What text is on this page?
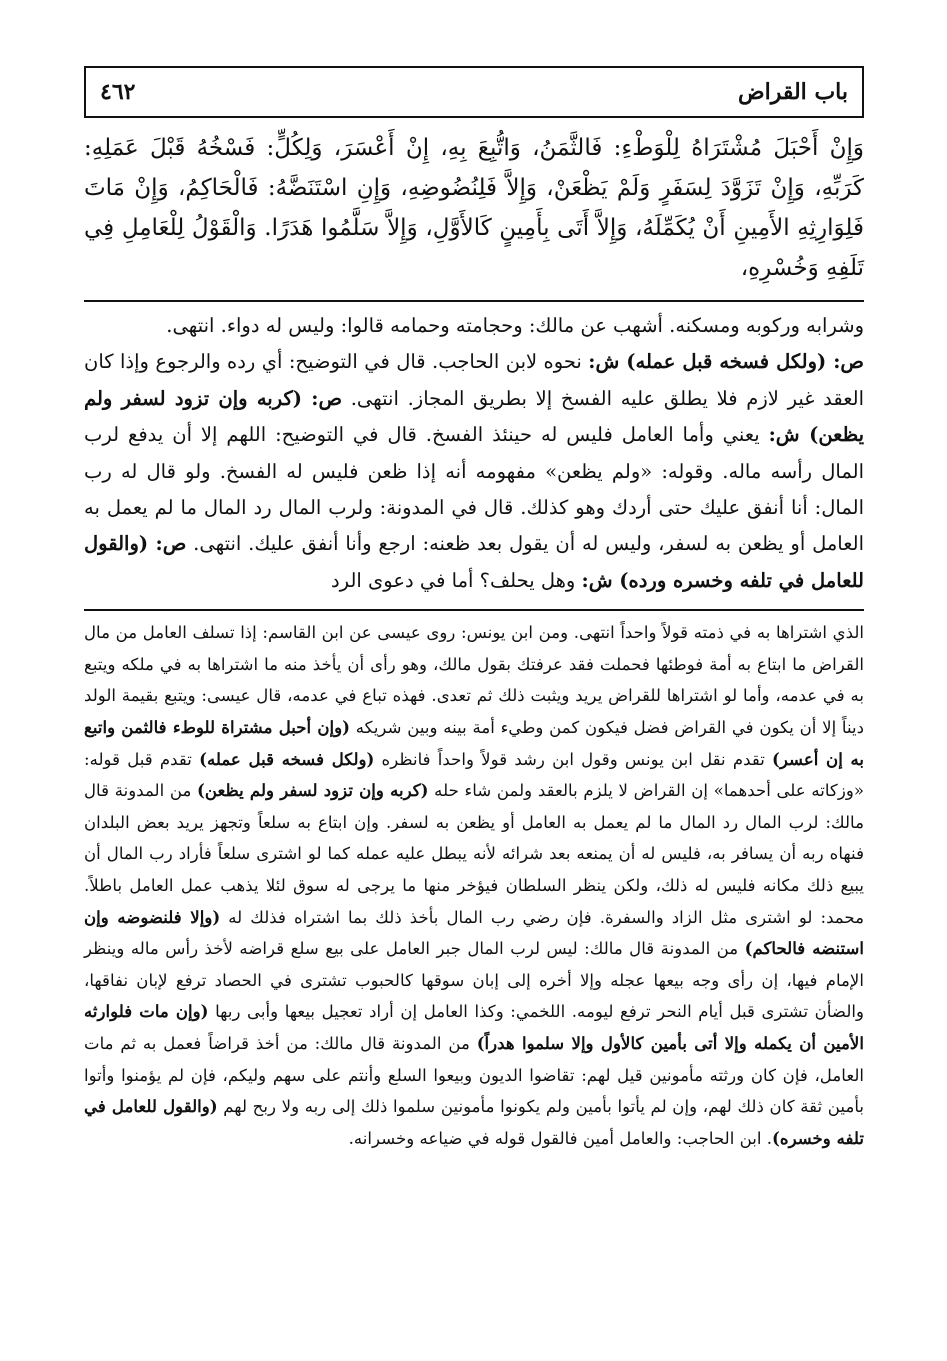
باب القراض
٤٦٢
وَإِنْ أَحْبَلَ مُشْتَرَاهُ لِلْوَطْءِ: فَالثَّمَنُ، وَاتُّبِعَ بِهِ، إِنْ أَعْسَرَ، وَلِكُلٍّ: فَسْخُهُ قَبْلَ عَمَلِهِ: كَرَبِّهِ، وَإِنْ تَزَوَّدَ لِسَفَرٍ وَلَمْ يَظْعَنْ، وَإِلاَّ فَلِنُضُوضِهِ، وَإِنِ اسْتَنَضَّهُ: فَالْحَاكِمُ، وَإِنْ مَاتَ فَلِوَارِثِهِ الأَمِينِ أَنْ يُكَمِّلَهُ، وَإِلاَّ أَتَى بِأَمِينٍ كَالأَوَّلِ، وَإِلاَّ سَلَّمُوا هَدَرًا. وَالْقَوْلُ لِلْعَامِلِ فِي تَلَفِهِ وَخُسْرِهِ،

وشرابه وركوبه ومسكنه. أشهب عن مالك: وحجامته وحمامه قالوا: وليس له دواء. انتهى.
ص: (ولكل فسخه قبل عمله) ش: نحوه لابن الحاجب. قال في التوضيح: أي رده والرجوع وإذا كان العقد غير لازم فلا يطلق عليه الفسخ إلا بطريق المجاز. انتهى. ص: (كربه وإن تزود لسفر ولم يظعن) ش: يعني وأما العامل فليس له حينئذ الفسخ. قال في التوضيح: اللهم إلا أن يدفع لرب المال رأسه ماله. وقوله: «ولم يظعن» مفهومه أنه إذا ظعن فليس له الفسخ. ولو قال له رب المال: أنا أنفق عليك حتى أردك وهو كذلك. قال في المدونة: ولرب المال رد المال ما لم يعمل به العامل أو يظعن به لسفر، وليس له أن يقول بعد ظعنه: ارجع وأنا أنفق عليك. انتهى. ص: (والقول للعامل في تلفه وخسره ورده) ش: وهل يحلف؟ أما في دعوى الرد

الذي اشتراها به في ذمته قولاً واحداً انتهى. ومن ابن يونس: روى عيسى عن ابن القاسم: إذا تسلف العامل من مال القراض ما ابتاع به أمة فوطئها فحملت فقد عرفتك بقول مالك، وهو رأى أن يأخذ منه ما اشتراها به في ملكه ويتبع به في عدمه، وأما لو اشتراها للقراض يريد ويثبت ذلك ثم تعدى. فهذه تباع في عدمه، قال عيسى: ويتبع بقيمة الولد ديناً إلا أن يكون في القراض فضل فيكون كمن وطيء أمة بينه وبين شريكه (وإن أحبل مشتراة للوطء فالثمن واتبع به إن أعسر) تقدم نقل ابن يونس وقول ابن رشد قولاً واحداً فانظره (ولكل فسخه قبل عمله) تقدم قبل قوله: «وزكاته على أحدهما» إن القراض لا يلزم بالعقد ولمن شاء حله (كربه وإن تزود لسفر ولم يظعن) من المدونة قال مالك: لرب المال رد المال ما لم يعمل به العامل أو يظعن به لسفر. وإن ابتاع به سلعاً وتجهز يريد بعض البلدان فنهاه ربه أن يسافر به، فليس له أن يمنعه بعد شرائه لأنه يبطل عليه عمله كما لو اشترى سلعاً فأراد رب المال أن يبيع ذلك مكانه فليس له ذلك، ولكن ينظر السلطان فيؤخر منها ما يرجى له سوق لئلا يذهب عمل العامل باطلاً. محمد: لو اشترى مثل الزاد والسفرة. فإن رضي رب المال بأخذ ذلك بما اشتراه فذلك له (وإلا فلنضوضه وإن استنضه فالحاكم) من المدونة قال مالك: ليس لرب المال جبر العامل على بيع سلع قراضه لأخذ رأس ماله وينظر الإمام فيها، إن رأى وجه بيعها عجله وإلا أخره إلى إبان سوقها كالحبوب تشترى في الحصاد ترفع لإبان نفاقها، والضأن تشترى قبل أيام النحر ترفع ليومه. اللخمي: وكذا العامل إن أراد تعجيل بيعها وأبى ربها (وإن مات فلوارثه الأمين أن يكمله وإلا أتى بأمين كالأول وإلا سلموا هدراً) من المدونة قال مالك: من أخذ قراضاً فعمل به ثم مات العامل، فإن كان ورثته مأمونين قيل لهم: تقاضوا الديون وبيعوا السلع وأنتم على سهم وليكم، فإن لم يؤمنوا وأتوا بأمين ثقة كان ذلك لهم، وإن لم يأتوا بأمين ولم يكونوا مأمونين سلموا ذلك إلى ربه ولا ربح لهم (والقول للعامل في تلفه وخسره). ابن الحاجب: والعامل أمين فالقول قوله في ضياعه وخسرانه.
